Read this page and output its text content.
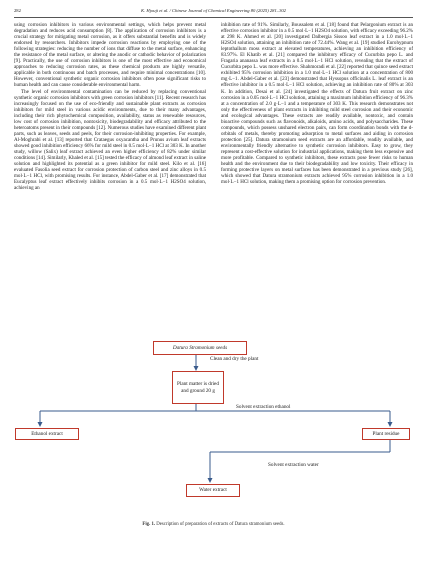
282	K. Hjouji et al. / Chinese Journal of Chemical Engineering 80 (2025) 281–302

using corrosion inhibitors in various environmental settings, which helps prevent metal degradation and reduces acid consumption [8]. The application of corrosion inhibitors is a crucial strategy for mitigating metal corrosion, as it offers substantial benefits and is widely endorsed by researchers. Inhibitors impede corrosion reactions by employing one of the following strategies: reducing the number of ions that diffuse to the metal surface, enhancing the resistance of the metal surface, or altering the anodic or cathodic behavior of polarization [9]. Practically, the use of corrosion inhibitors is one of the most effective and economical approaches to reducing corrosion rates, as these chemical products are highly versatile, applicable in both continuous and batch processes, and require minimal concentrations [10]. However, conventional synthetic organic corrosion inhibitors often pose significant risks to human health and can cause considerable environmental harm.

The level of environmental contamination can be reduced by replacing conventional synthetic organic corrosion inhibitors with green corrosion inhibitors [11]. Recent research has increasingly focused on the use of eco-friendly and sustainable plant extracts as corrosion inhibitors for mild steel in various acidic environments, due to their many advantages, including their rich phytochemical composition, availability, status as renewable resources, low cost of corrosion inhibition, nontoxicity, biodegradability and efficacy attributed to the heteroatoms present in their compounds [12]. Numerous studies have examined different plant parts, such as leaves, seeds and peels, for their corrosion-inhibiting properties. For example, Al-Moghrabi et al. [13] reported that Crataegus oxyacantha and Prunus avium leaf extracts showed good inhibition efficiency 66% for mild steel in 0.5 mol·L−1 HCl at 303 K. In another study, willow (Salix) leaf extract achieved an even higher efficiency of 82% under similar conditions [14]. Similarly, Khaled et al. [15] tested the efficacy of almond leaf extract in saline solution and highlighted its potential as a green inhibitor for mild steel. Kilo et al. [16] evaluated Fasolia seed extract for corrosion protection of carbon steel and zinc alloys in 0.5 mol·L−1 HCl, with promising results. For instance, Abdel-Gaber et al. [17] demonstrated that Eucalyptus leaf extract effectively inhibits corrosion in a 0.5 mol·L−1 H2SO4 solution, achieving an

inhibition rate of 91%. Similarly, Boussalem et al. [18] found that Pelargonium extract is an effective corrosion inhibitor in a 0.5 mol·L−1 H2SO4 solution, with efficacy exceeding 96.2% at 298 K. Ahmed et al. [20] investigated Dalbergia Sissoo leaf extract in a 1.0 mol·L−1 H2SO4 solution, attaining an inhibition rate of 72.44%. Wang et al. [19] studied Eurohypnum leptothallum moss extract at elevated temperatures, achieving an inhibition efficiency of 83.97%. El Khatib et al. [21] compared the inhibitory efficacy of Cucurbita pepo L. and Fragaria ananassa leaf extracts in a 0.5 mol·L−1 HCl solution, revealing that the extract of Cucurbita pepo L. was more effective. Shahmoradi et al. [22] reported that quince seed extract exhibited 95% corrosion inhibition in a 1.0 mol·L−1 HCl solution at a concentration of 800 mg·L−1. Abdel-Gaber et al. [23] demonstrated that Hyssopus officinalis L. leaf extract is an effective inhibitor in a 0.5 mol·L−1 HCl solution, achieving an inhibition rate of 80% at 303 K. In addition, Desai et al. [24] investigated the effects of Datura fruit extract on zinc corrosion in a 0.05 mol·L−1 HCl solution, attaining a maximum inhibition efficiency of 96.3% at a concentration of 2.0 g·L−1 and a temperature of 303 K. This research demonstrates not only the effectiveness of plant extracts in inhibiting mild steel corrosion and their economic and ecological advantages. These extracts are readily available, nontoxic, and contain bioactive compounds such as flavonoids, alkaloids, amino acids, and polysaccharides. These compounds, which possess unshared electron pairs, can form coordination bonds with the d-orbitals of metals, thereby promoting adsorption to metal surfaces and aiding in corrosion protection [25]. Datura stramonium seed extracts are an affordable, readily available, and environmentally friendly alternative to synthetic corrosion inhibitors. Easy to grow, they represent a cost-effective solution for industrial applications, making them less expensive and more profitable. Compared to synthetic inhibitors, these extracts pose fewer risks to human health and the environment due to their biodegradability and low toxicity. Their efficacy in forming protective layers on metal surfaces has been demonstrated in a previous study [26], which showed that Datura stramonium extracts achieved 95% corrosion inhibition in a 1.0 mol·L−1 HCl solution, making them a promising option for corrosion prevention.

Datura Stramonium seeds
Clean and dry the plant
Plant matter is dried and ground 20 g
Solvent extraction ethanol
Ethanol extract	Plant residue
Solvent extraction water
Water extract
Fig. 1. Description of preparation of extracts of Datura stramonium seeds.
